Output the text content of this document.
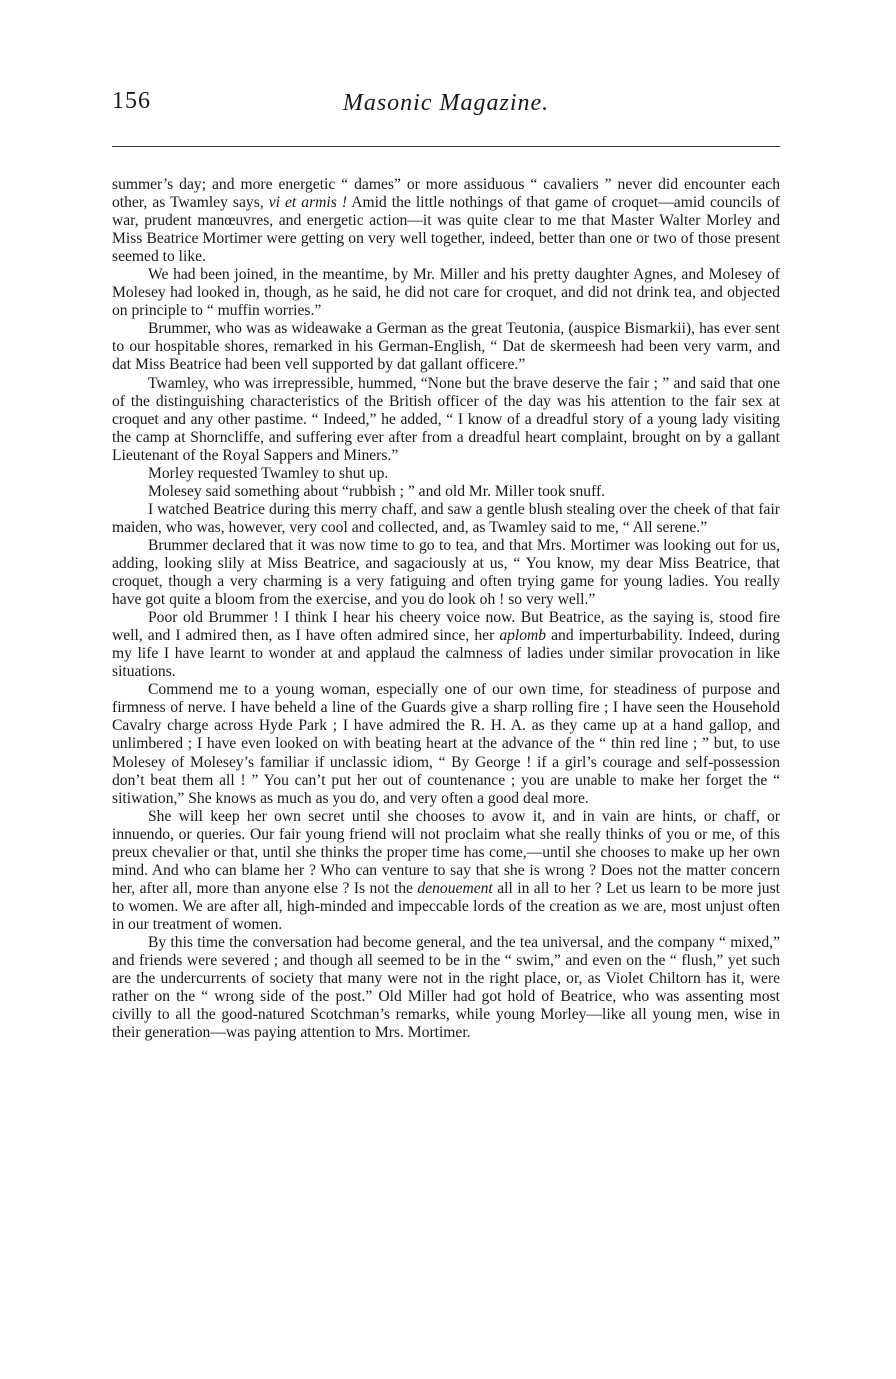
156	Masonic Magazine.

summer’s day; and more energetic “ dames” or more assiduous “ cavaliers ” never did encounter each other, as Twamley says, vi et armis ! Amid the little nothings of that game of croquet—amid councils of war, prudent manœuvres, and energetic action—it was quite clear to me that Master Walter Morley and Miss Beatrice Mortimer were getting on very well together, indeed, better than one or two of those present seemed to like.

We had been joined, in the meantime, by Mr. Miller and his pretty daughter Agnes, and Molesey of Molesey had looked in, though, as he said, he did not care for croquet, and did not drink tea, and objected on principle to “ muffin worries.”

Brummer, who was as wideawake a German as the great Teutonia, (auspice Bismarkii), has ever sent to our hospitable shores, remarked in his German-English, “ Dat de skermeesh had been very varm, and dat Miss Beatrice had been vell supported by dat gallant officere.”

Twamley, who was irrepressible, hummed, “None but the brave deserve the fair ; ” and said that one of the distinguishing characteristics of the British officer of the day was his attention to the fair sex at croquet and any other pastime. “ Indeed,” he added, “ I know of a dreadful story of a young lady visiting the camp at Shorncliffe, and suffering ever after from a dreadful heart complaint, brought on by a gallant Lieutenant of the Royal Sappers and Miners.”

Morley requested Twamley to shut up.

Molesey said something about “rubbish ; ” and old Mr. Miller took snuff.

I watched Beatrice during this merry chaff, and saw a gentle blush stealing over the cheek of that fair maiden, who was, however, very cool and collected, and, as Twamley said to me, “ All serene.”

Brummer declared that it was now time to go to tea, and that Mrs. Mortimer was looking out for us, adding, looking slily at Miss Beatrice, and sagaciously at us, “ You know, my dear Miss Beatrice, that croquet, though a very charming is a very fatiguing and often trying game for young ladies. You really have got quite a bloom from the exercise, and you do look oh ! so very well.”

Poor old Brummer ! I think I hear his cheery voice now. But Beatrice, as the saying is, stood fire well, and I admired then, as I have often admired since, her aplomb and imperturbability. Indeed, during my life I have learnt to wonder at and applaud the calmness of ladies under similar provocation in like situations.

Commend me to a young woman, especially one of our own time, for steadiness of purpose and firmness of nerve. I have beheld a line of the Guards give a sharp rolling fire ; I have seen the Household Cavalry charge across Hyde Park ; I have admired the R. H. A. as they came up at a hand gallop, and unlimbered ; I have even looked on with beating heart at the advance of the “ thin red line ; ” but, to use Molesey of Molesey’s familiar if unclassic idiom, “ By George ! if a girl’s courage and self-possession don’t beat them all ! ” You can’t put her out of countenance ; you are unable to make her forget the “ sitiwation,” She knows as much as you do, and very often a good deal more.

She will keep her own secret until she chooses to avow it, and in vain are hints, or chaff, or innuendo, or queries. Our fair young friend will not proclaim what she really thinks of you or me, of this preux chevalier or that, until she thinks the proper time has come,—until she chooses to make up her own mind. And who can blame her ? Who can venture to say that she is wrong ? Does not the matter concern her, after all, more than anyone else ? Is not the denouement all in all to her ? Let us learn to be more just to women. We are after all, high-minded and impeccable lords of the creation as we are, most unjust often in our treatment of women.

By this time the conversation had become general, and the tea universal, and the company “ mixed,” and friends were severed ; and though all seemed to be in the “ swim,” and even on the “ flush,” yet such are the undercurrents of society that many were not in the right place, or, as Violet Chiltorn has it, were rather on the “ wrong side of the post.” Old Miller had got hold of Beatrice, who was assenting most civilly to all the good-natured Scotchman’s remarks, while young Morley—like all young men, wise in their generation—was paying attention to Mrs. Mortimer.
